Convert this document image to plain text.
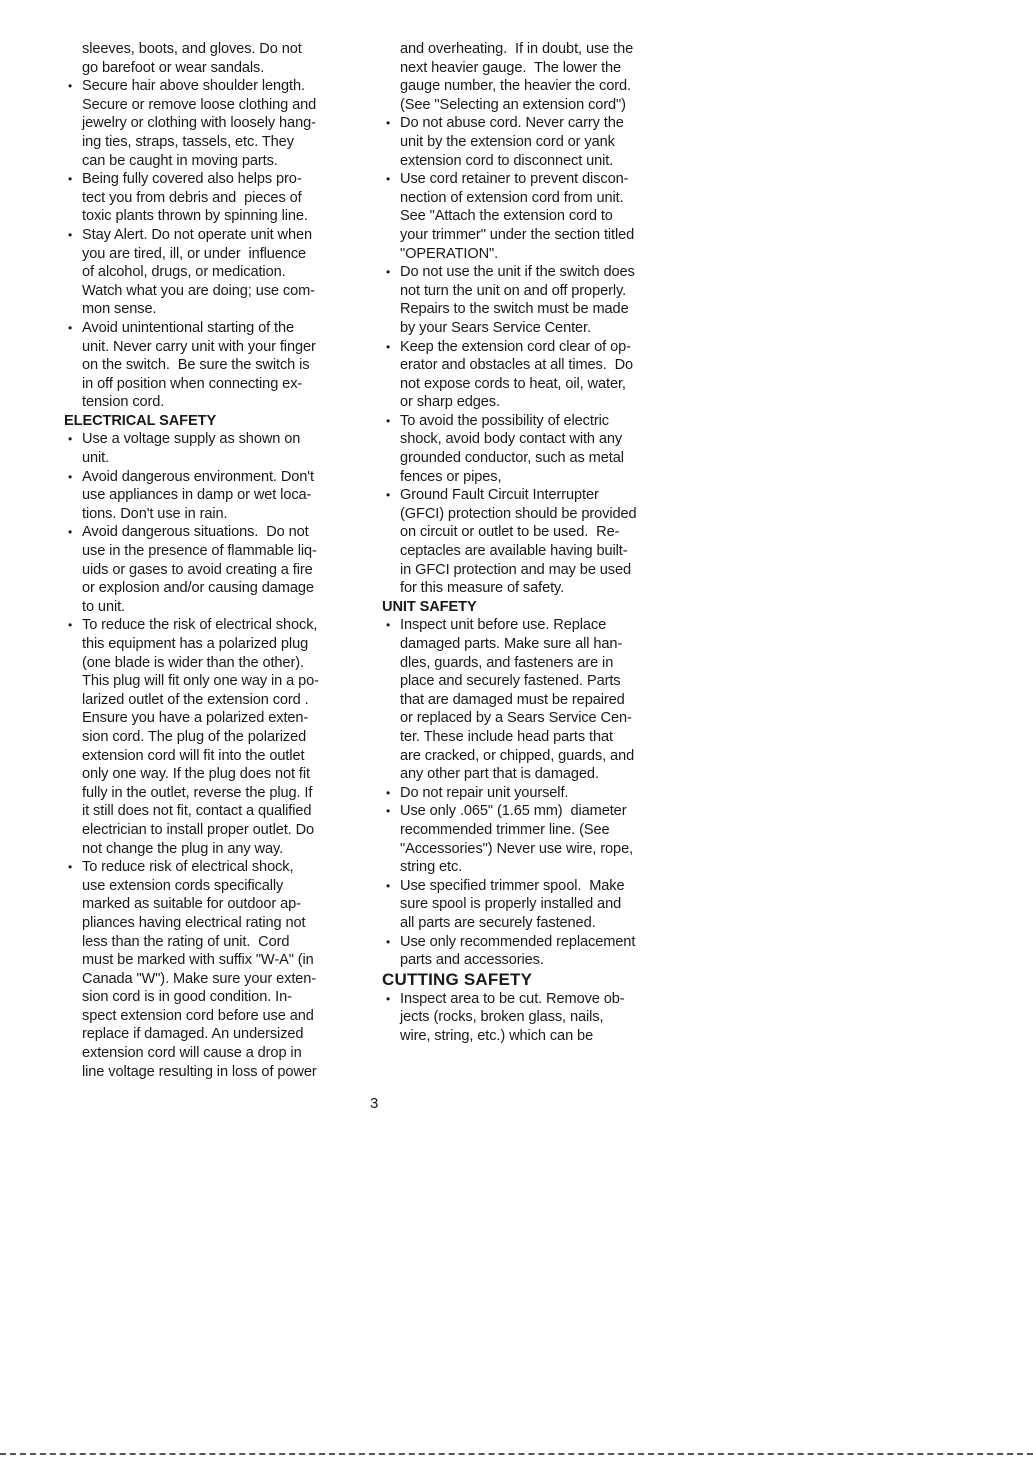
sleeves, boots, and gloves. Do not
go barefoot or wear sandals.
• Secure hair above shoulder length.
Secure or remove loose clothing and
jewelry or clothing with loosely hang-
ing ties, straps, tassels, etc. They
can be caught in moving parts.
• Being fully covered also helps pro-
tect you from debris and  pieces of
toxic plants thrown by spinning line.
• Stay Alert. Do not operate unit when
you are tired, ill, or under  influence
of alcohol, drugs, or medication.
Watch what you are doing; use com-
mon sense.
• Avoid unintentional starting of the
unit. Never carry unit with your finger
on the switch.  Be sure the switch is
in off position when connecting ex-
tension cord.
ELECTRICAL SAFETY
• Use a voltage supply as shown on
unit.
• Avoid dangerous environment. Don't
use appliances in damp or wet loca-
tions. Don't use in rain.
• Avoid dangerous situations.  Do not
use in the presence of flammable liq-
uids or gases to avoid creating a fire
or explosion and/or causing damage
to unit.
• To reduce the risk of electrical shock,
this equipment has a polarized plug
(one blade is wider than the other).
This plug will fit only one way in a po-
larized outlet of the extension cord .
Ensure you have a polarized exten-
sion cord. The plug of the polarized
extension cord will fit into the outlet
only one way. If the plug does not fit
fully in the outlet, reverse the plug. If
it still does not fit, contact a qualified
electrician to install proper outlet. Do
not change the plug in any way.
• To reduce risk of electrical shock,
use extension cords specifically
marked as suitable for outdoor ap-
pliances having electrical rating not
less than the rating of unit.  Cord
must be marked with suffix "W-A" (in
Canada "W"). Make sure your exten-
sion cord is in good condition. In-
spect extension cord before use and
replace if damaged. An undersized
extension cord will cause a drop in
line voltage resulting in loss of power
and overheating.  If in doubt, use the
next heavier gauge.  The lower the
gauge number, the heavier the cord.
(See "Selecting an extension cord")
• Do not abuse cord. Never carry the
unit by the extension cord or yank
extension cord to disconnect unit.
• Use cord retainer to prevent discon-
nection of extension cord from unit.
See "Attach the extension cord to
your trimmer" under the section titled
"OPERATION".
• Do not use the unit if the switch does
not turn the unit on and off properly.
Repairs to the switch must be made
by your Sears Service Center.
• Keep the extension cord clear of op-
erator and obstacles at all times.  Do
not expose cords to heat, oil, water,
or sharp edges.
• To avoid the possibility of electric
shock, avoid body contact with any
grounded conductor, such as metal
fences or pipes,
• Ground Fault Circuit Interrupter
(GFCI) protection should be provided
on circuit or outlet to be used.  Re-
ceptacles are available having built-
in GFCI protection and may be used
for this measure of safety.
UNIT SAFETY
• Inspect unit before use. Replace
damaged parts. Make sure all han-
dles, guards, and fasteners are in
place and securely fastened. Parts
that are damaged must be repaired
or replaced by a Sears Service Cen-
ter. These include head parts that
are cracked, or chipped, guards, and
any other part that is damaged.
• Do not repair unit yourself.
• Use only .065" (1.65 mm)  diameter
recommended trimmer line. (See
"Accessories") Never use wire, rope,
string etc.
• Use specified trimmer spool.  Make
sure spool is properly installed and
all parts are securely fastened.
• Use only recommended replacement
parts and accessories.
CUTTING SAFETY
• Inspect area to be cut. Remove ob-
jects (rocks, broken glass, nails,
wire, string, etc.) which can be
3
